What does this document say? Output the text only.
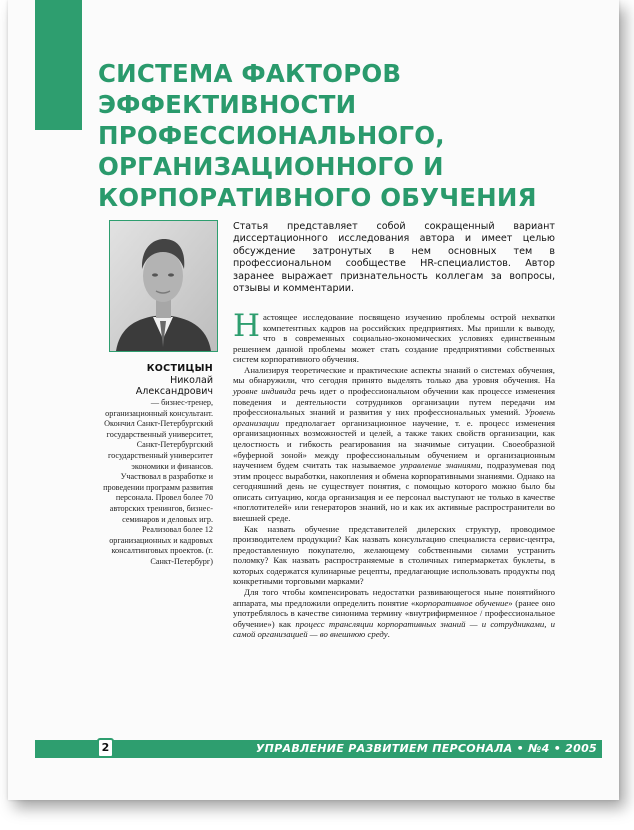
СИСТЕМА ФАКТОРОВ
ЭФФЕКТИВНОСТИ
ПРОФЕССИОНАЛЬНОГО,
ОРГАНИЗАЦИОННОГО И
КОРПОРАТИВНОГО ОБУЧЕНИЯ
КОСТИЦЫН
Николай
Александрович
— бизнес-тренер, организационный консультант. Окончил Санкт-Петербургский государственный университет, Санкт-Петербургский государственный университет экономики и финансов. Участвовал в разработке и проведении программ развития персонала. Провел более 70 авторских тренингов, бизнес-семинаров и деловых игр. Реализовал более 12 организационных и кадровых консалтинговых проектов. (г. Санкт-Петербург)
Статья представляет собой сокращенный вариант диссертационного исследования автора и имеет целью обсуждение затронутых в нем основных тем в профессиональном сообществе HR-специалистов. Автор заранее выражает признательность коллегам за вопросы, отзывы и комментарии.

Настоящее исследование посвящено изучению проблемы острой нехватки компетентных кадров на российских предприятиях. Мы пришли к выводу, что в современных социально-экономических условиях единственным решением данной проблемы может стать создание предприятиями собственных систем корпоративного обучения.

Анализируя теоретические и практические аспекты знаний о системах обучения, мы обнаружили, что сегодня принято выделять только два уровня обучения. На уровне индивида речь идет о профессиональном обучении как процессе изменения поведения и деятельности сотрудников организации путем передачи им профессиональных знаний и развития у них профессиональных умений. Уровень организации предполагает организационное научение, т. е. процесс изменения организационных возможностей и целей, а также таких свойств организации, как целостность и гибкость реагирования на значимые ситуации. Своеобразной «буферной зоной» между профессиональным обучением и организационным научением будем считать так называемое управление знаниями, подразумевая под этим процесс выработки, накопления и обмена корпоративными знаниями. Однако на сегодняшний день не существует понятия, с помощью которого можно было бы описать ситуацию, когда организация и ее персонал выступают не только в качестве «поглотителей» или генераторов знаний, но и как их активные распространители во внешней среде.

Как назвать обучение представителей дилерских структур, проводимое производителем продукции? Как назвать консультацию специалиста сервис-центра, предоставленную покупателю, желающему собственными силами устранить поломку? Как назвать распространяемые в столичных гипермаркетах буклеты, в которых содержатся кулинарные рецепты, предлагающие использовать продукты под конкретными торговыми марками?

Для того чтобы компенсировать недостатки развивающегося ныне понятийного аппарата, мы предложили определить понятие «корпоративное обучение» (ранее оно употреблялось в качестве синонима термину «внутрифирменное / профессиональное обучение») как процесс трансляции корпоративных знаний — и сотрудниками, и самой организацией — во внешнюю среду.

2	УПРАВЛЕНИЕ РАЗВИТИЕМ ПЕРСОНАЛА • №4 • 2005
